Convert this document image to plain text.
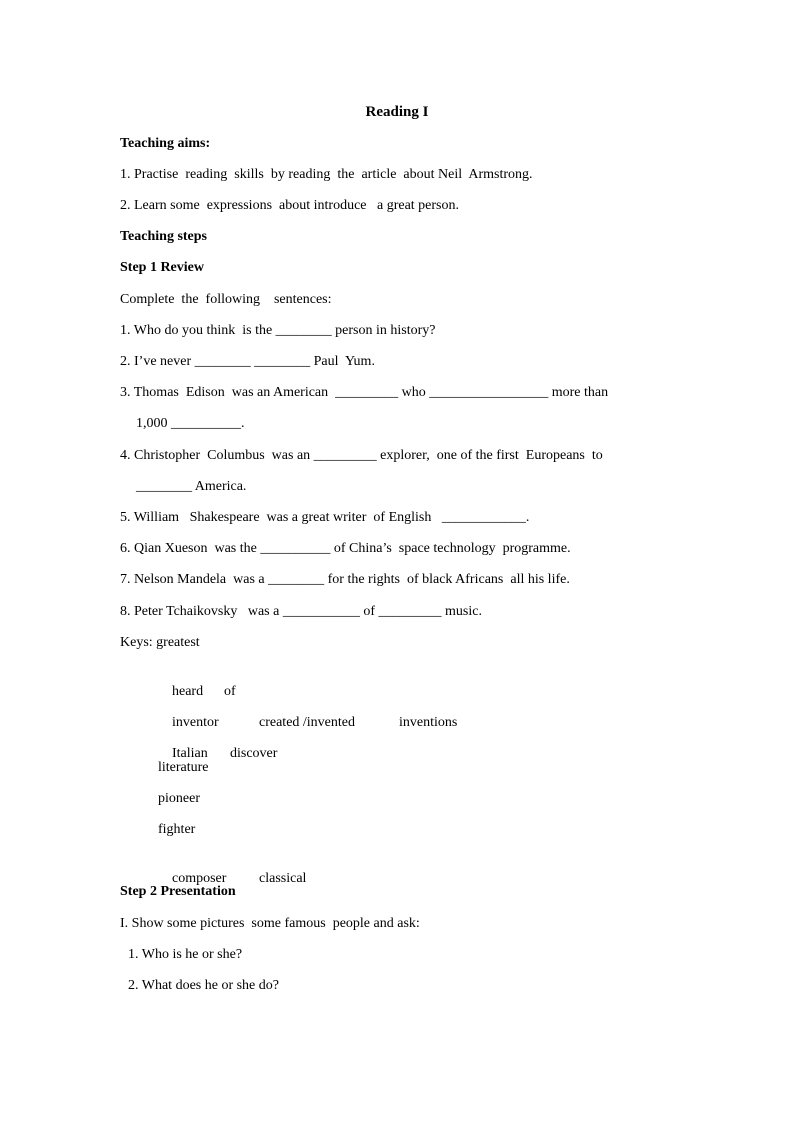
Reading I
Teaching aims:
1. Practise  reading  skills  by reading  the  article  about Neil  Armstrong.
2. Learn some  expressions  about introduce   a great person.
Teaching steps
Step 1 Review
Complete  the  following    sentences:
1. Who do you think  is the ________ person in history?
2. I’ve never ________ ________ Paul  Yum.
3. Thomas  Edison  was an American  _________ who _________________ more than
1,000 __________.
4. Christopher  Columbus  was an _________ explorer,  one of the first  Europeans  to
________ America.
5. William   Shakespeare  was a great writer  of English   ____________.
6. Qian Xueson  was the __________ of China’s  space technology  programme.
7. Nelson Mandela  was a ________ for the rights  of black Africans  all his life.
8. Peter Tchaikovsky   was a ___________ of _________ music.
Keys: greatest

heard of

inventor	created /invented	inventions

Italian discover

literature
pioneer
fighter

composer classical

Step 2 Presentation
I. Show some pictures  some famous  people and ask:
1. Who is he or she?
2. What does he or she do?
